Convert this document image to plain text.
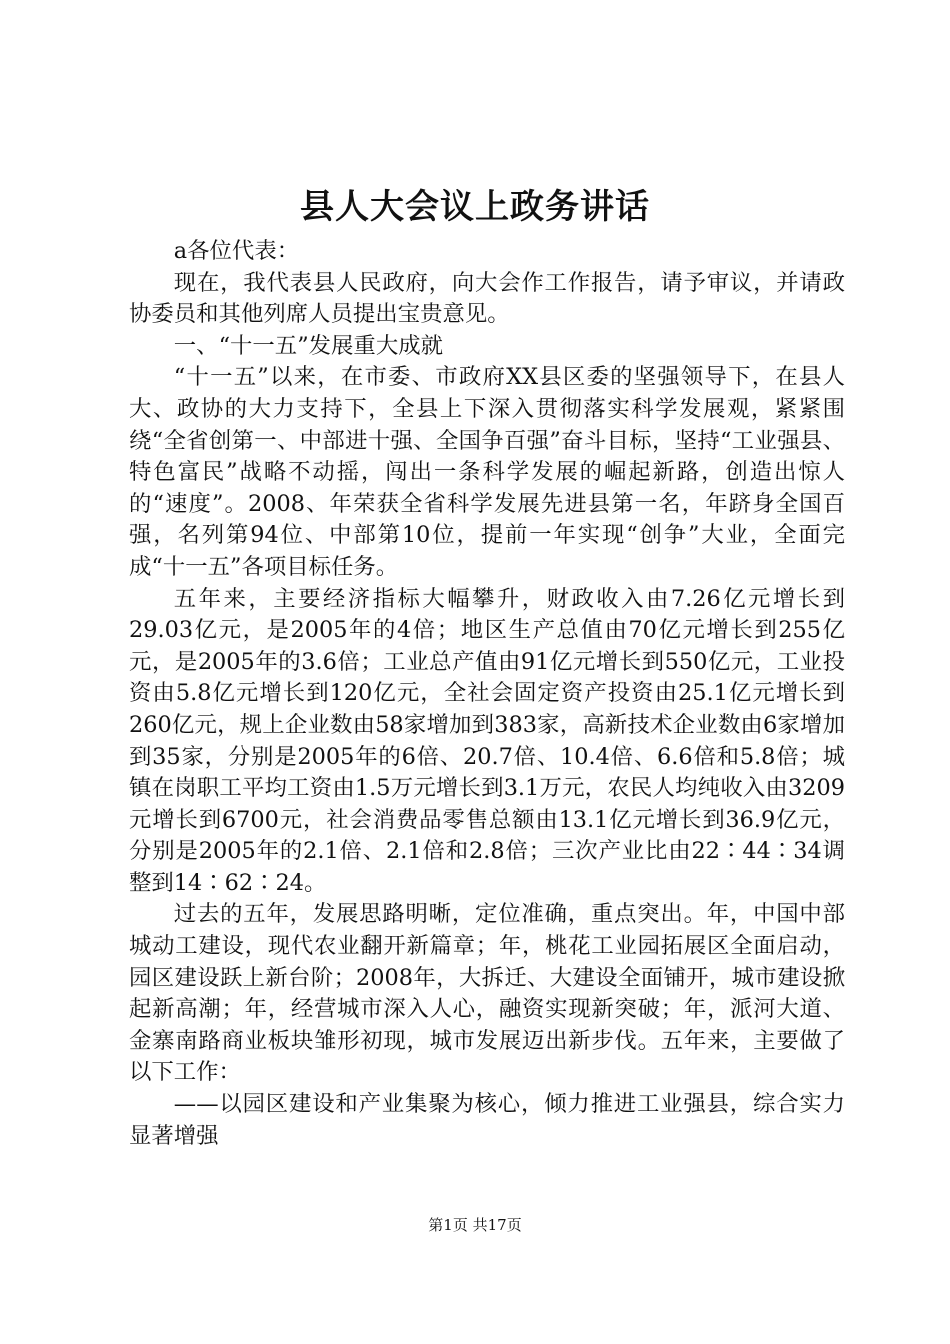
县人大会议上政务讲话

a各位代表：

现在，我代表县人民政府，向大会作工作报告，请予审议，并请政协委员和其他列席人员提出宝贵意见。

一、“十一五”发展重大成就

“十一五”以来，在市委、市政府XX县区委的坚强领导下，在县人大、政协的大力支持下，全县上下深入贯彻落实科学发展观，紧紧围绕“全省创第一、中部进十强、全国争百强”奋斗目标，坚持“工业强县、特色富民”战略不动摇，闯出一条科学发展的崛起新路，创造出惊人的“速度”。2008、年荣获全省科学发展先进县第一名，年跻身全国百强，名列第94位、中部第10位，提前一年实现“创争”大业，全面完成“十一五”各项目标任务。

五年来，主要经济指标大幅攀升，财政收入由7.26亿元增长到29.03亿元，是2005年的4倍；地区生产总值由70亿元增长到255亿元，是2005年的3.6倍；工业总产值由91亿元增长到550亿元，工业投资由5.8亿元增长到120亿元，全社会固定资产投资由25.1亿元增长到260亿元，规上企业数由58家增加到383家，高新技术企业数由6家增加到35家，分别是2005年的6倍、20.7倍、10.4倍、6.6倍和5.8倍；城镇在岗职工平均工资由1.5万元增长到3.1万元，农民人均纯收入由3209元增长到6700元，社会消费品零售总额由13.1亿元增长到36.9亿元，分别是2005年的2.1倍、2.1倍和2.8倍；三次产业比由22∶44∶34调整到14∶62∶24。

过去的五年，发展思路明晰，定位准确，重点突出。年，中国中部城动工建设，现代农业翻开新篇章；年，桃花工业园拓展区全面启动，园区建设跃上新台阶；2008年，大拆迁、大建设全面铺开，城市建设掀起新高潮；年，经营城市深入人心，融资实现新突破；年，派河大道、金寨南路商业板块雏形初现，城市发展迈出新步伐。五年来，主要做了以下工作：

——以园区建设和产业集聚为核心，倾力推进工业强县，综合实力显著增强

第1页 共17页
